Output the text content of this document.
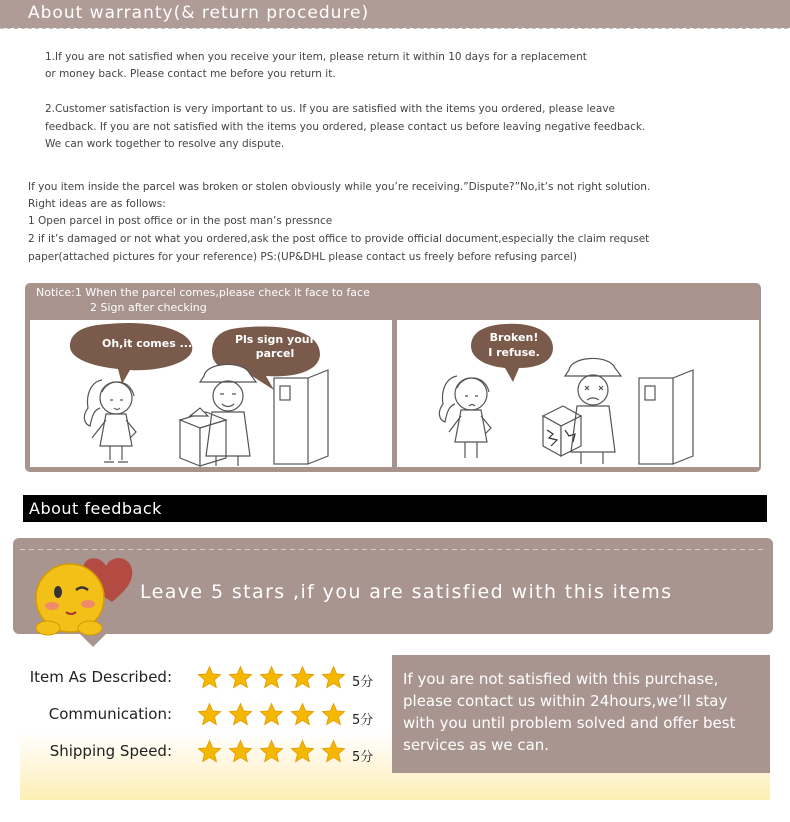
About warranty(& return procedure)
1.If you are not satisfied when you receive your item, please return it within 10 days for a replacement
or money back. Please contact me before you return it.
2.Customer satisfaction is very important to us. If you are satisfied with the items you ordered, please leave
feedback. If you are not satisfied with the items you ordered, please contact us before leaving negative feedback.
We can work together to resolve any dispute.
If you item inside the parcel was broken or stolen obviously while you’re receiving.”Dispute?”No,it’s not right solution.
Right ideas are as follows:
1 Open parcel in post office or in the post man’s pressnce
2 if it’s damaged or not what you ordered,ask the post office to provide official document,especially the claim requset
paper(attached pictures for your reference) PS:(UP&DHL please contact us freely before refusing parcel)
Notice:1 When the parcel comes,please check it face to face
2 Sign after checking
Oh,it comes ...	Pls sign your
parcel
Broken!
I refuse.
About feedback
Leave 5 stars ,if you are satisfied with this items
Item As Described:	5分
Communication:	5分
Shipping Speed:	5分
If you are not satisfied with this purchase,
please contact us within 24hours,we’ll stay
with you until problem solved and offer best
services as we can.
